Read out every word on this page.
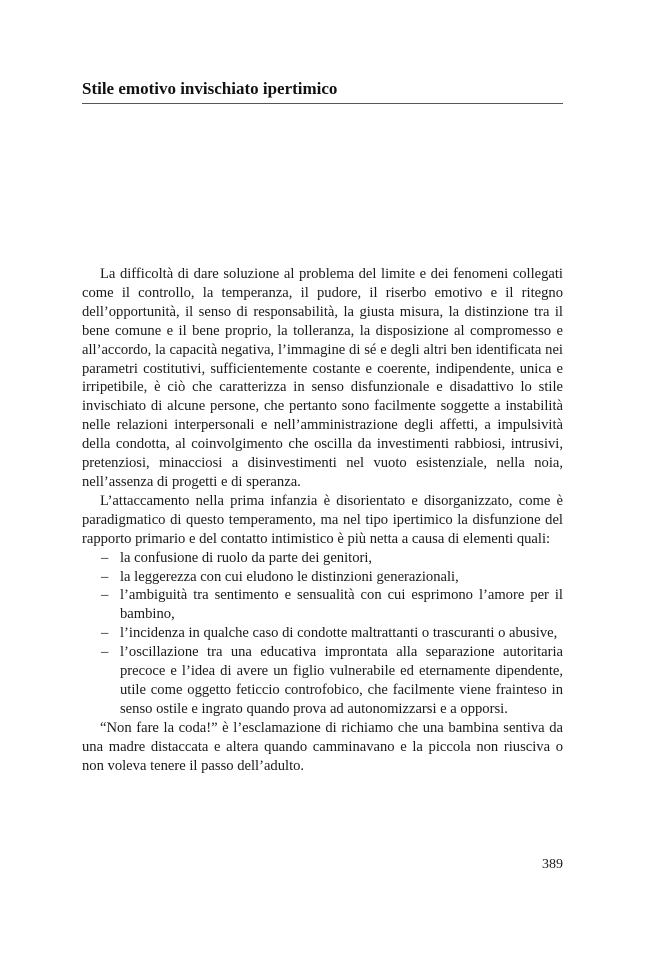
Stile emotivo invischiato ipertimico

La difficoltà di dare soluzione al problema del limite e dei fenomeni collegati come il controllo, la temperanza, il pudore, il riserbo emotivo e il ritegno dell’opportunità, il senso di responsabilità, la giusta misura, la distinzione tra il bene comune e il bene proprio, la tolleranza, la disposizione al compromesso e all’accordo, la capacità negativa, l’immagine di sé e degli altri ben identificata nei parametri costitutivi, sufficientemente costante e coerente, indipendente, unica e irripetibile, è ciò che caratterizza in senso disfunzionale e disadattivo lo stile invischiato di alcune persone, che pertanto sono facilmente soggette a instabilità nelle relazioni interpersonali e nell’amministrazione degli affetti, a impulsività della condotta, al coinvolgimento che oscilla da investimenti rabbiosi, intrusivi, pretenziosi, minacciosi a disinvestimenti nel vuoto esistenziale, nella noia, nell’assenza di progetti e di speranza.

L’attaccamento nella prima infanzia è disorientato e disorganizzato, come è paradigmatico di questo temperamento, ma nel tipo ipertimico la disfunzione del rapporto primario e del contatto intimistico è più netta a causa di elementi quali:

– la confusione di ruolo da parte dei genitori,
– la leggerezza con cui eludono le distinzioni generazionali,
– l’ambiguità tra sentimento e sensualità con cui esprimono l’amore per il bambino,
– l’incidenza in qualche caso di condotte maltrattanti o trascuranti o abusive,
– l’oscillazione tra una educativa improntata alla separazione autoritaria precoce e l’idea di avere un figlio vulnerabile ed eternamente dipendente, utile come oggetto feticcio controfobico, che facilmente viene frainteso in senso ostile e ingrato quando prova ad autonomizzarsi e a opporsi.

“Non fare la coda!” è l’esclamazione di richiamo che una bambina sentiva da una madre distaccata e altera quando camminavano e la piccola non riusciva o non voleva tenere il passo dell’adulto.

389
